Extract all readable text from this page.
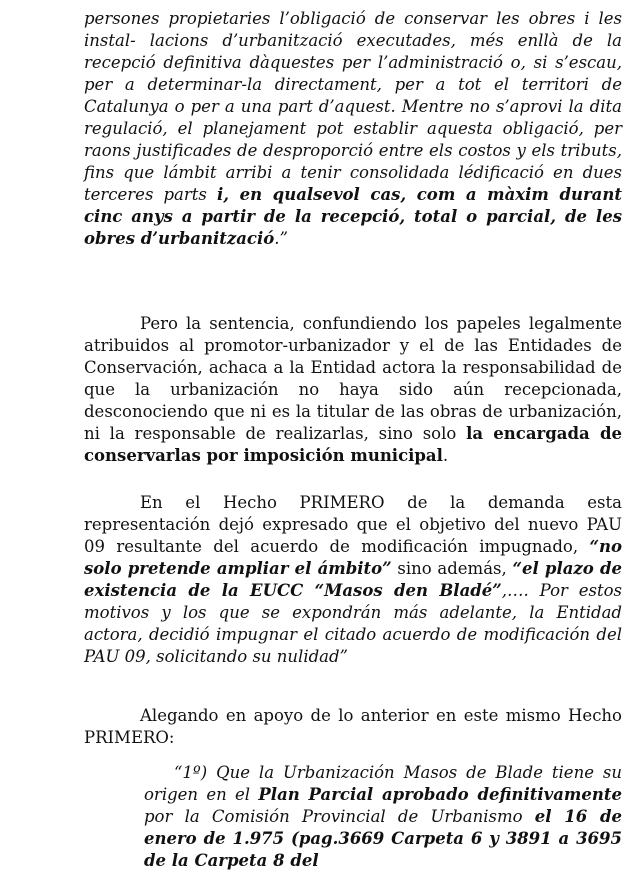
persones propietaries l’obligació de conservar les obres i les instal- lacions d’urbanització executades, més enllà de la recepció definitiva dàquestes per l’administració o, si s’escau, per a determinar-la directament, per a tot el territori de Catalunya o per a una part d’aquest. Mentre no s’aprovi la dita regulació, el planejament pot establir aquesta obligació, per raons justificades de desproporció entre els costos y els tributs, fins que lámbit arribi a tenir consolidada lédificació en dues terceres parts i, en qualsevol cas, com a màxim durant cinc anys a partir de la recepció, total o parcial, de les obres d’urbanització.”

Pero la sentencia, confundiendo los papeles legalmente atribuidos al promotor-urbanizador y el de las Entidades de Conservación, achaca a la Entidad actora la responsabilidad de que la urbanización no haya sido aún recepcionada, desconociendo que ni es la titular de las obras de urbanización, ni la responsable de realizarlas, sino solo la encargada de conservarlas por imposición municipal.

En el Hecho PRIMERO de la demanda esta representación dejó expresado que el objetivo del nuevo PAU 09 resultante del acuerdo de modificación impugnado, “no solo pretende ampliar el ámbito” sino además, “el plazo de existencia de la EUCC “Masos den Bladé”,…. Por estos motivos y los que se expondrán más adelante, la Entidad actora, decidió impugnar el citado acuerdo de modificación del PAU 09, solicitando su nulidad”

Alegando en apoyo de lo anterior en este mismo Hecho PRIMERO:

“1º) Que la Urbanización Masos de Blade tiene su origen en el Plan Parcial aprobado definitivamente por la Comisión Provincial de Urbanismo el 16 de enero de 1.975 (pag.3669 Carpeta 6 y 3891 a 3695 de la Carpeta 8 del
